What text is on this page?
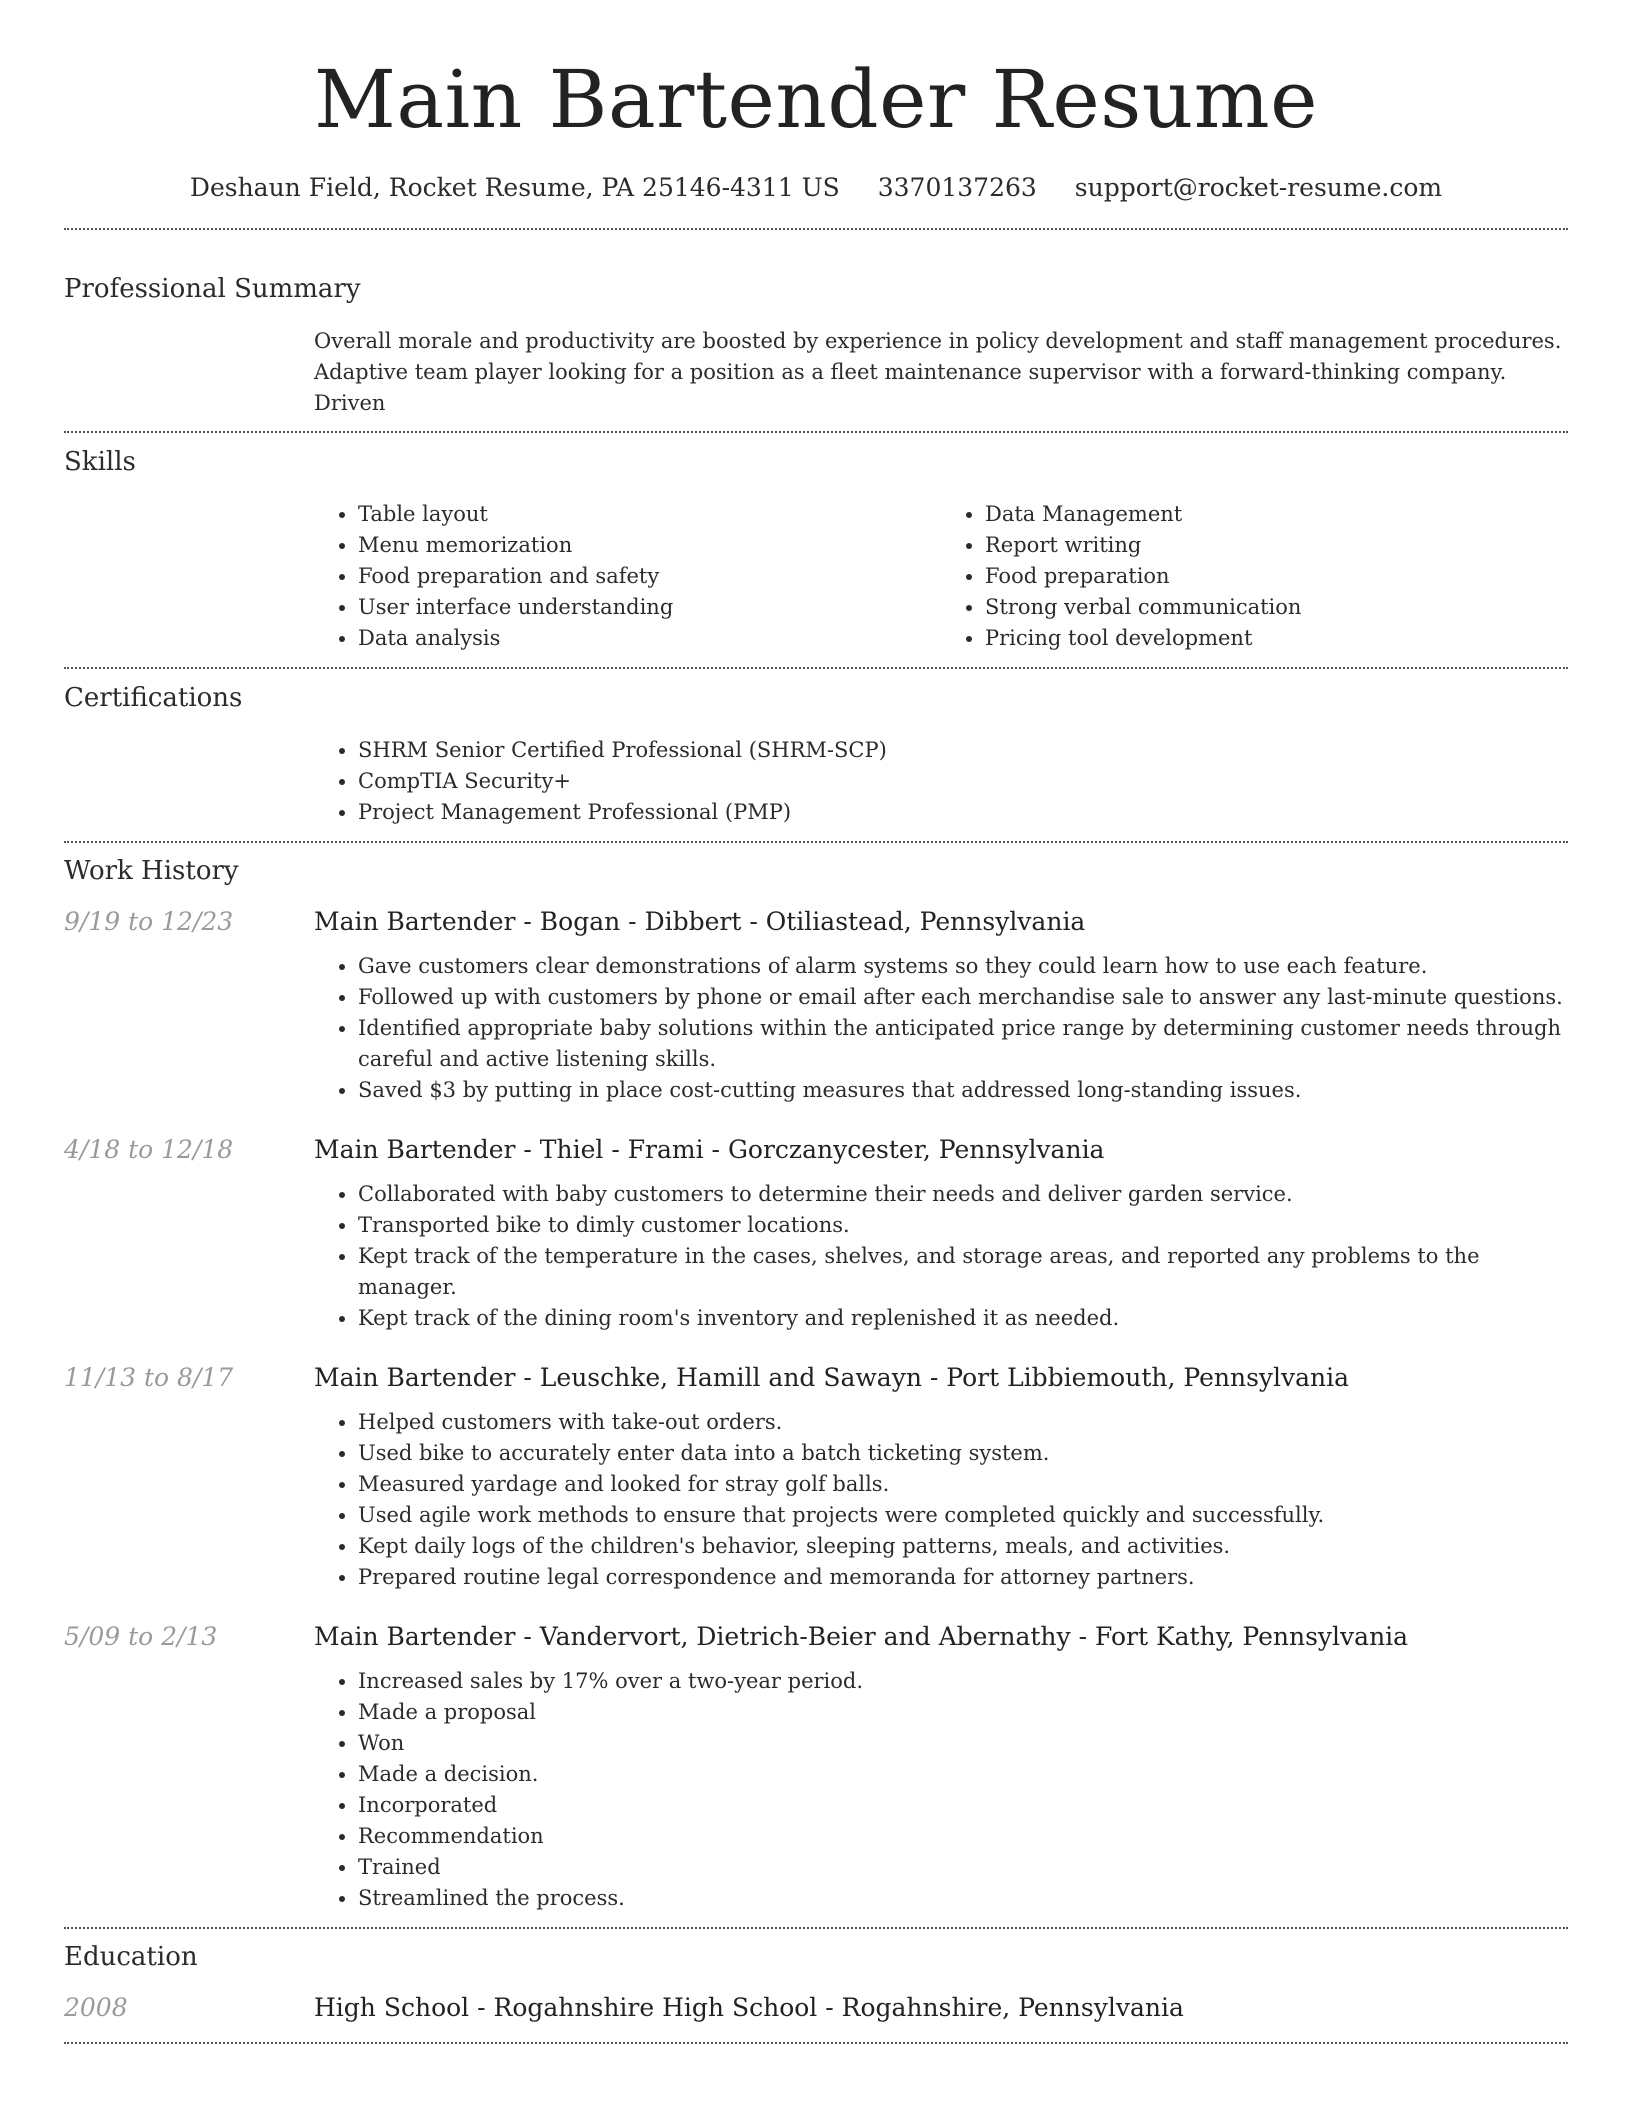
Main Bartender Resume
Deshaun Field, Rocket Resume, PA 25146-4311 US 3370137263 support@rocket-resume.com
Professional Summary
Overall morale and productivity are boosted by experience in policy development and staff management procedures.
Adaptive team player looking for a position as a fleet maintenance supervisor with a forward-thinking company. Driven
Skills
• Table layout
• Menu memorization
• Food preparation and safety
• User interface understanding
• Data analysis
• Data Management
• Report writing
• Food preparation
• Strong verbal communication
• Pricing tool development
Certifications
• SHRM Senior Certified Professional (SHRM-SCP)
• CompTIA Security+
• Project Management Professional (PMP)
Work History
9/19 to 12/23	Main Bartender - Bogan - Dibbert - Otiliastead, Pennsylvania
• Gave customers clear demonstrations of alarm systems so they could learn how to use each feature.
• Followed up with customers by phone or email after each merchandise sale to answer any last-minute questions.
• Identified appropriate baby solutions within the anticipated price range by determining customer needs through careful and active listening skills.
• Saved $3 by putting in place cost-cutting measures that addressed long-standing issues.
4/18 to 12/18	Main Bartender - Thiel - Frami - Gorczanycester, Pennsylvania
• Collaborated with baby customers to determine their needs and deliver garden service.
• Transported bike to dimly customer locations.
• Kept track of the temperature in the cases, shelves, and storage areas, and reported any problems to the manager.
• Kept track of the dining room's inventory and replenished it as needed.
11/13 to 8/17	Main Bartender - Leuschke, Hamill and Sawayn - Port Libbiemouth, Pennsylvania
• Helped customers with take-out orders.
• Used bike to accurately enter data into a batch ticketing system.
• Measured yardage and looked for stray golf balls.
• Used agile work methods to ensure that projects were completed quickly and successfully.
• Kept daily logs of the children's behavior, sleeping patterns, meals, and activities.
• Prepared routine legal correspondence and memoranda for attorney partners.
5/09 to 2/13	Main Bartender - Vandervort, Dietrich-Beier and Abernathy - Fort Kathy, Pennsylvania
• Increased sales by 17% over a two-year period.
• Made a proposal
• Won
• Made a decision.
• Incorporated
• Recommendation
• Trained
• Streamlined the process.
Education
2008	High School - Rogahnshire High School - Rogahnshire, Pennsylvania
